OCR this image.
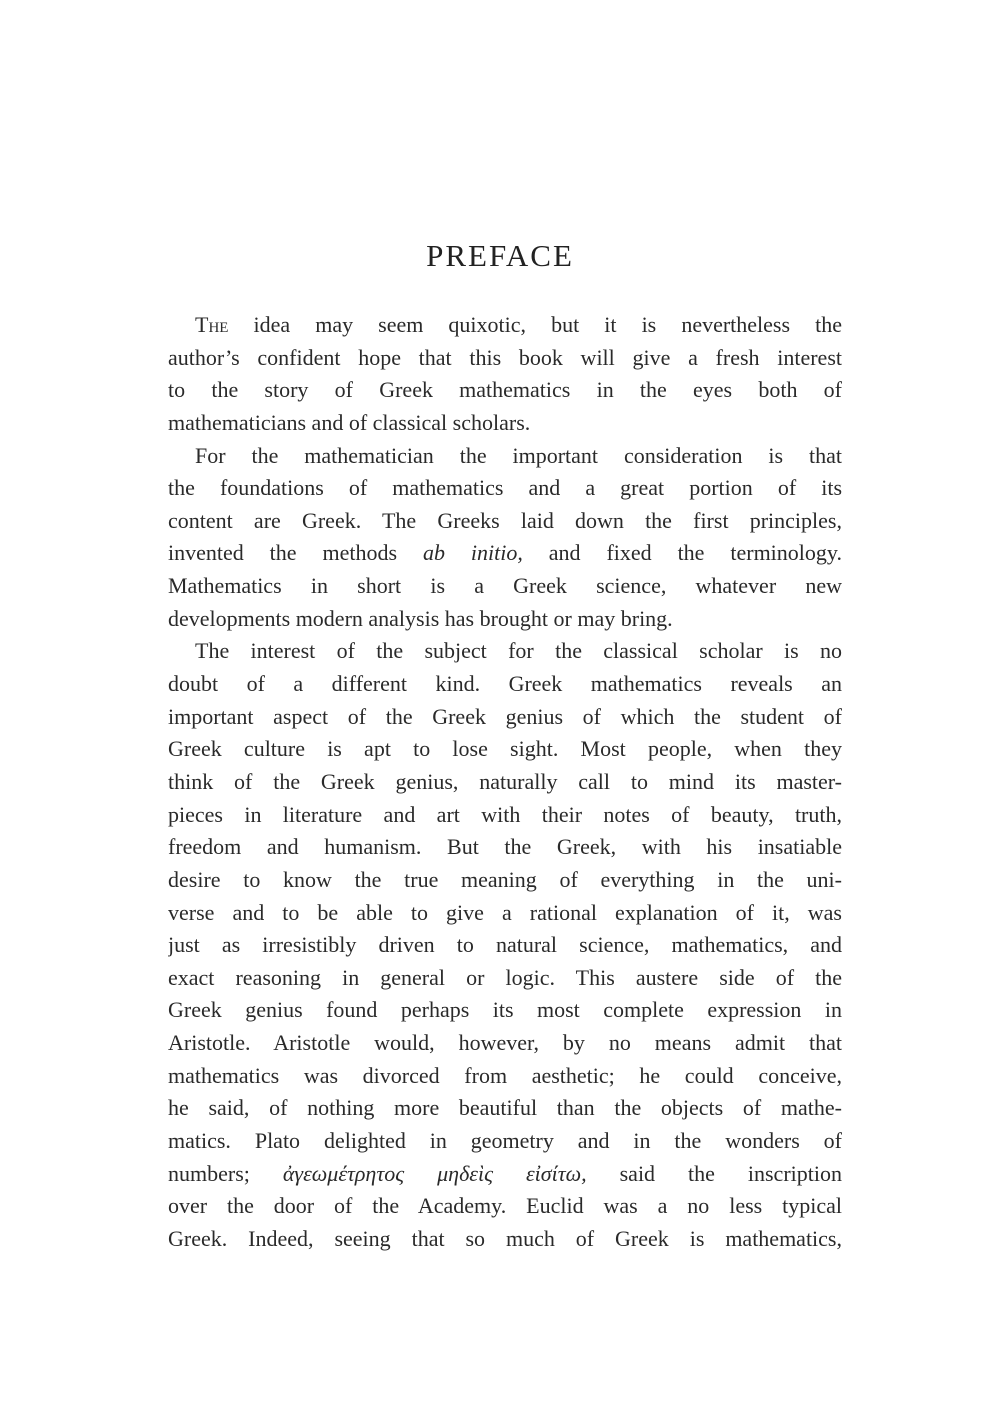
PREFACE
The idea may seem quixotic, but it is nevertheless the
author’s confident hope that this book will give a fresh interest
to the story of Greek mathematics in the eyes both of
mathematicians and of classical scholars.
For the mathematician the important consideration is that
the foundations of mathematics and a great portion of its
content are Greek. The Greeks laid down the first principles,
invented the methods ab initio, and fixed the terminology.
Mathematics in short is a Greek science, whatever new
developments modern analysis has brought or may bring.
The interest of the subject for the classical scholar is no
doubt of a different kind. Greek mathematics reveals an
important aspect of the Greek genius of which the student of
Greek culture is apt to lose sight. Most people, when they
think of the Greek genius, naturally call to mind its master-
pieces in literature and art with their notes of beauty, truth,
freedom and humanism. But the Greek, with his insatiable
desire to know the true meaning of everything in the uni-
verse and to be able to give a rational explanation of it, was
just as irresistibly driven to natural science, mathematics, and
exact reasoning in general or logic. This austere side of the
Greek genius found perhaps its most complete expression in
Aristotle. Aristotle would, however, by no means admit that
mathematics was divorced from aesthetic; he could conceive,
he said, of nothing more beautiful than the objects of mathe-
matics. Plato delighted in geometry and in the wonders of
numbers; ἀγεωμέτρητος μηδεὶς εἰσίτω, said the inscription
over the door of the Academy. Euclid was a no less typical
Greek. Indeed, seeing that so much of Greek is mathematics,
